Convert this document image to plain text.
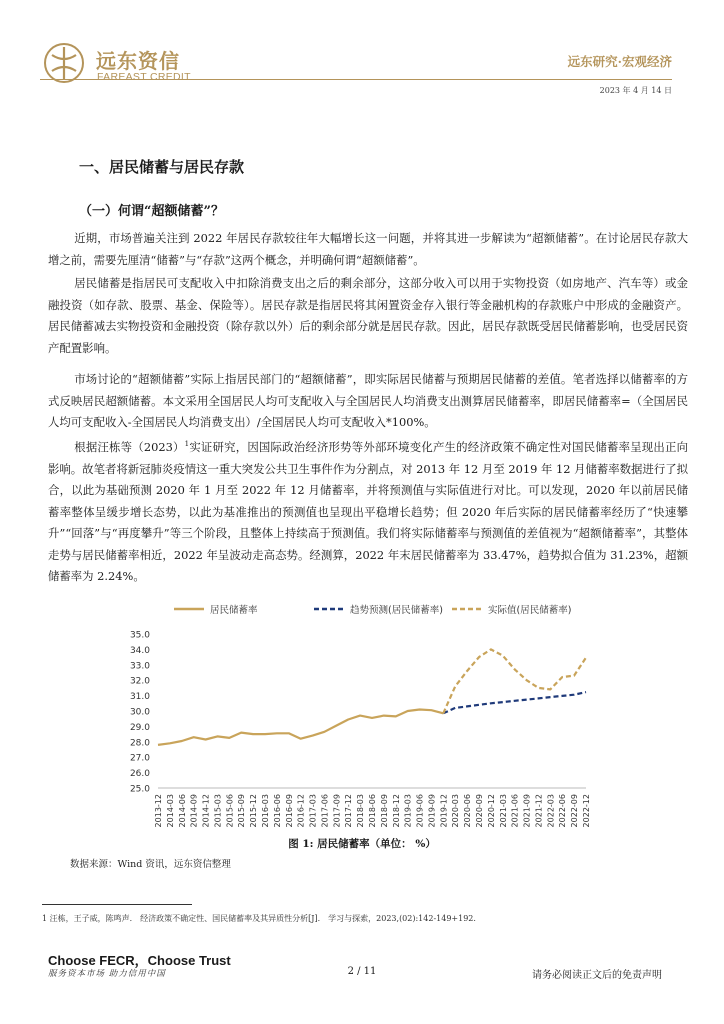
远东资信
FAREAST CREDIT
远东研究·宏观经济
2023 年 4 月 14 日
一、居民储蓄与居民存款
（一）何谓“超额储蓄”？
近期，市场普遍关注到 2022 年居民存款较往年大幅增长这一问题，并将其进一步解读为“超额储蓄”。在讨论居民存款大增之前，需要先厘清“储蓄”与“存款”这两个概念，并明确何谓“超额储蓄”。
居民储蓄是指居民可支配收入中扣除消费支出之后的剩余部分，这部分收入可以用于实物投资（如房地产、汽车等）或金融投资（如存款、股票、基金、保险等）。居民存款是指居民将其闲置资金存入银行等金融机构的存款账户中形成的金融资产。居民储蓄减去实物投资和金融投资（除存款以外）后的剩余部分就是居民存款。因此，居民存款既受居民储蓄影响，也受居民资产配置影响。
市场讨论的“超额储蓄”实际上指居民部门的“超额储蓄”，即实际居民储蓄与预期居民储蓄的差值。笔者选择以储蓄率的方式反映居民超额储蓄。本文采用全国居民人均可支配收入与全国居民人均消费支出测算居民储蓄率，即居民储蓄率=（全国居民人均可支配收入-全国居民人均消费支出）/全国居民人均可支配收入*100%。
根据汪栋等$(2023)^1$实证研究，因国际政治经济形势等外部环境变化产生的经济政策不确定性对国民储蓄率呈现出正向影响。故笔者将新冠肺炎疫情这一重大突发公共卫生事件作为分割点，对 2013 年 12 月至 2019 年 12 月储蓄率数据进行了拟合，以此为基础预测 2020 年 1 月至 2022 年 12 月储蓄率，并将预测值与实际值进行对比。可以发现，2020 年以前居民储蓄率整体呈缓步增长态势，以此为基准推出的预测值也呈现出平稳增长趋势；但 2020 年后实际的居民储蓄率经历了“快速攀升”“回落”与“再度攀升”等三个阶段，且整体上持续高于预测值。我们将实际储蓄率与预测值的差值视为“超额储蓄率”，其整体走势与居民储蓄率相近，2022 年呈波动走高态势。经测算，2022 年末居民储蓄率为 33.47%，趋势拟合值为 31.23%，超额储蓄率为 2.24%。
居民储蓄率	趋势预测(居民储蓄率)	实际值(居民储蓄率)
25.0
26.0
27.0
28.0
29.0
30.0
31.0
32.0
33.0
34.0
35.0
2013-12 2014-03 2014-06 2014-09 2014-12 2015-03 2015-06 2015-09 2015-12 2016-03 2016-06 2016-09 2016-12 2017-03 2017-06 2017-09 2017-12 2018-03 2018-06 2018-09 2018-12 2019-03 2019-06 2019-09 2019-12 2020-03 2020-06 2020-09 2020-12 2021-03 2021-06 2021-09 2021-12 2022-03 2022-06 2022-09 2022-12
图 1: 居民储蓄率（单位： %）
数据来源：Wind 资讯，远东资信整理
1 汪栋，王子威，陈鸣声． 经济政策不确定性、国民储蓄率及其异质性分析[J]． 学习与探索，2023,(02):142-149+192.
Choose FECR，Choose Trust
服务资本市场 助力信用中国	2 / 11	请务必阅读正文后的免责声明
